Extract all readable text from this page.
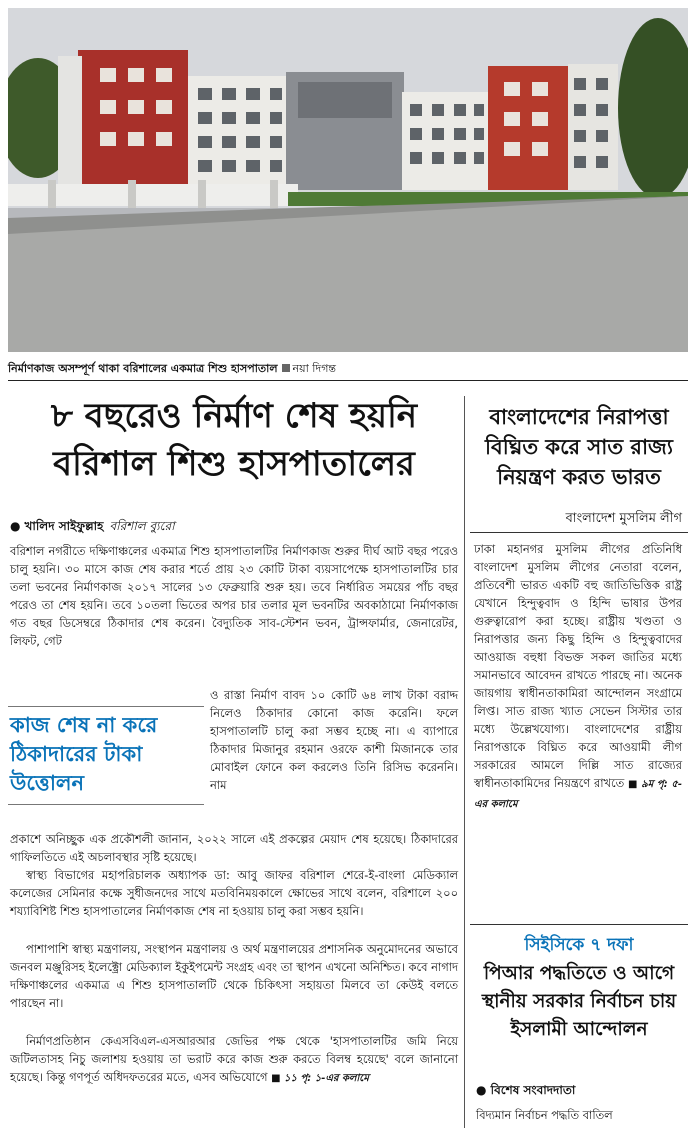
নির্মাণকাজ অসম্পূর্ণ থাকা বরিশালের একমাত্র শিশু হাসপাতাল নয়া দিগন্ত
৮ বছরেও নির্মাণ শেষ হয়নি
বরিশাল শিশু হাসপাতালের
● খালিদ সাইফুল্লাহ বরিশাল ব্যুরো
বরিশাল নগরীতে দক্ষিণাঞ্চলের একমাত্র শিশু হাসপাতালটির নির্মাণকাজ শুরুর দীর্ঘ আট বছর পরেও চালু হয়নি। ৩০ মাসে কাজ শেষ করার শর্তে প্রায় ২৩ কোটি টাকা ব্যয়সাপেক্ষে হাসপাতালটির চার তলা ভবনের নির্মাণকাজ ২০১৭ সালের ১৩ ফেব্রুয়ারি শুরু হয়। তবে নির্ধারিত সময়ের পাঁচ বছর পরেও তা শেষ হয়নি। তবে ১০তলা ভিতের অপর চার তলার মূল ভবনটির অবকাঠামো নির্মাণকাজ গত বছর ডিসেম্বরে ঠিকাদার শেষ করেন। বৈদ্যুতিক সাব-স্টেশন ভবন, ট্রান্সফার্মার, জেনারেটর, লিফট, গেট
ও রাস্তা নির্মাণ বাবদ ১০ কোটি ৬৪ লাখ টাকা বরাদ্দ নিলেও ঠিকাদার কোনো কাজ করেনি। ফলে হাসপাতালটি চালু করা সম্ভব হচ্ছে না। এ ব্যাপারে ঠিকাদার মিজানুর রহমান ওরফে কাশী মিজানকে তার মোবাইল ফোনে কল করলেও তিনি রিসিভ করেননি। নাম
কাজ শেষ না করে ঠিকাদারের টাকা উত্তোলন
প্রকাশে অনিচ্ছুক এক প্রকৌশলী জানান, ২০২২ সালে এই প্রকল্পের মেয়াদ শেষ হয়েছে। ঠিকাদারের গাফিলতিতে এই অচলাবস্থার সৃষ্টি হয়েছে।
স্বাস্থ্য বিভাগের মহাপরিচালক অধ্যাপক ডা: আবু জাফর বরিশাল শেরে-ই-বাংলা মেডিক্যাল কলেজের সেমিনার কক্ষে সুধীজনদের সাথে মতবিনিময়কালে ক্ষোভের সাথে বলেন, বরিশালে ২০০ শয্যাবিশিষ্ট শিশু হাসপাতালের নির্মাণকাজ শেষ না হওয়ায় চালু করা সম্ভব হয়নি।
পাশাপাশি স্বাস্থ্য মন্ত্রণালয়, সংস্থাপন মন্ত্রণালয় ও অর্থ মন্ত্রণালয়ের প্রশাসনিক অনুমোদনের অভাবে জনবল মঞ্জুরিসহ ইলেক্ট্রো মেডিক্যাল ইকুইপমেন্ট সংগ্রহ এবং তা স্থাপন এখনো অনিশ্চিত। কবে নাগাদ দক্ষিণাঞ্চলের একমাত্র এ শিশু হাসপাতালটি থেকে চিকিৎসা সহায়তা মিলবে তা কেউই বলতে পারছেন না।
নির্মাণপ্রতিষ্ঠান কেএসবিএল-এসআরআর জেভির পক্ষ থেকে 'হাসপাতালটির জমি নিয়ে জটিলতাসহ নিচু জলাশয় হওয়ায় তা ভরাট করে কাজ শুরু করতে বিলম্ব হয়েছে' বলে জানানো হয়েছে। কিন্তু গণপূর্ত অধিদফতরের মতে, এসব অভিযোগে ■ ১১ পৃ: ১-এর কলামে
বাংলাদেশের নিরাপত্তা বিঘ্নিত করে সাত রাজ্য নিয়ন্ত্রণ করত ভারত
বাংলাদেশ মুসলিম লীগ
ঢাকা মহানগর মুসলিম লীগের প্রতিনিধি বাংলাদেশ মুসলিম লীগের নেতারা বলেন, প্রতিবেশী ভারত একটি বহু জাতিভিত্তিক রাষ্ট্র যেখানে হিন্দুত্ববাদ ও হিন্দি ভাষার উপর গুরুত্বারোপ করা হচ্ছে। রাষ্ট্রীয় খণ্ডতা ও নিরাপত্তার জন্য কিছু হিন্দি ও হিন্দুত্ববাদের আওয়াজ বহুধা বিভক্ত সকল জাতির মধ্যে সমানভাবে আবেদন রাখতে পারছে না। অনেক জায়গায় স্বাধীনতাকামিরা আন্দোলন সংগ্রামে লিপ্ত। সাত রাজ্য খ্যাত সেভেন সিস্টার তার মধ্যে উল্লেখযোগ্য। বাংলাদেশের রাষ্ট্রীয় নিরাপত্তাকে বিঘ্নিত করে আওয়ামী লীগ সরকারের আমলে দিল্লি সাত রাজ্যের স্বাধীনতাকামিদের নিয়ন্ত্রণে রাখতে ■ ৯ম পৃ: ৫-এর কলামে
সিইসিকে ৭ দফা
পিআর পদ্ধতিতে ও আগে স্থানীয় সরকার নির্বাচন চায় ইসলামী আন্দোলন
● বিশেষ সংবাদদাতা
বিদ্যমান নির্বাচন পদ্ধতি বাতিল
